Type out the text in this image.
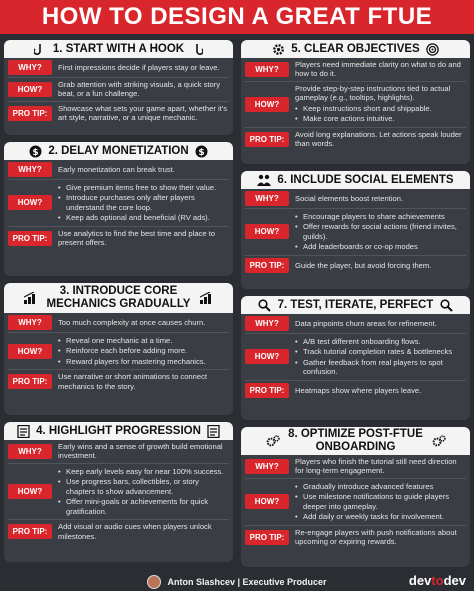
HOW TO DESIGN A GREAT FTUE
1. START WITH A HOOK
WHY?	First impressions decide if players stay or leave.
HOW?
Grab attention with striking visuals, a quick story beat, or a fun challenge.
PRO TIP:
Showcase what sets your game apart, whether it's art style, narrative, or a unique mechanic.
$ 2. DELAY MONETIZATION $
WHY?	Early monetization can break trust.
HOW?
• Give premium items free to show their value.
• Introduce purchases only after players understand the core loop.
• Keep ads optional and beneficial (RV ads).
PRO TIP:
Use analytics to find the best time and place to present offers.
3. INTRODUCE CORE MECHANICS GRADUALLY
WHY?	Too much complexity at once causes churn.
HOW?
• Reveal one mechanic at a time.
• Reinforce each before adding more.
• Reward players for mastering mechanics.
PRO TIP:
Use narrative or short animations to connect mechanics to the story.
4. HIGHLIGHT PROGRESSION
WHY?
Early wins and a sense of growth build emotional investment.
HOW?
• Keep early levels easy for near 100% success.
• Use progress bars, collectibles, or story chapters to show advancement.
• Offer mini-goals or achievements for quick gratification.
PRO TIP:
Add visual or audio cues when players unlock milestones.
5. CLEAR OBJECTIVES
WHY?
Players need immediate clarity on what to do and how to do it.
HOW?
Provide step-by-step instructions tied to actual gameplay (e.g., tooltips, highlights).
• Keep instructions short and shippable.
• Make core actions intuitive.
PRO TIP:
Avoid long explanations. Let actions speak louder than words.
6. INCLUDE SOCIAL ELEMENTS
WHY?	Social elements boost retention.
HOW?
• Encourage players to share achievements
• Offer rewards for social actions (friend invites, guilds).
• Add leaderboards or co-op modes
PRO TIP:	Guide the player, but avoid forcing them.
7. TEST, ITERATE, PERFECT
WHY?	Data pinpoints churn areas for refinement.
HOW?
• A/B test different onboarding flows.
• Track tutorial completion rates & bottlenecks
• Gather feedback from real players to spot confusion.
PRO TIP:	Heatmaps show where players leave.
8. OPTIMIZE POST-FTUE ONBOARDING
WHY?
Players who finish the tutorial still need direction for long-term engagement.
HOW?
• Gradually introduce advanced features
• Use milestone notifications to guide players deeper into gameplay.
• Add daily or weekly tasks for involvement.
PRO TIP:
Re-engage players with push notifications about upcoming or expiring rewards.
Anton Slashcev | Executive Producer	devtodev
